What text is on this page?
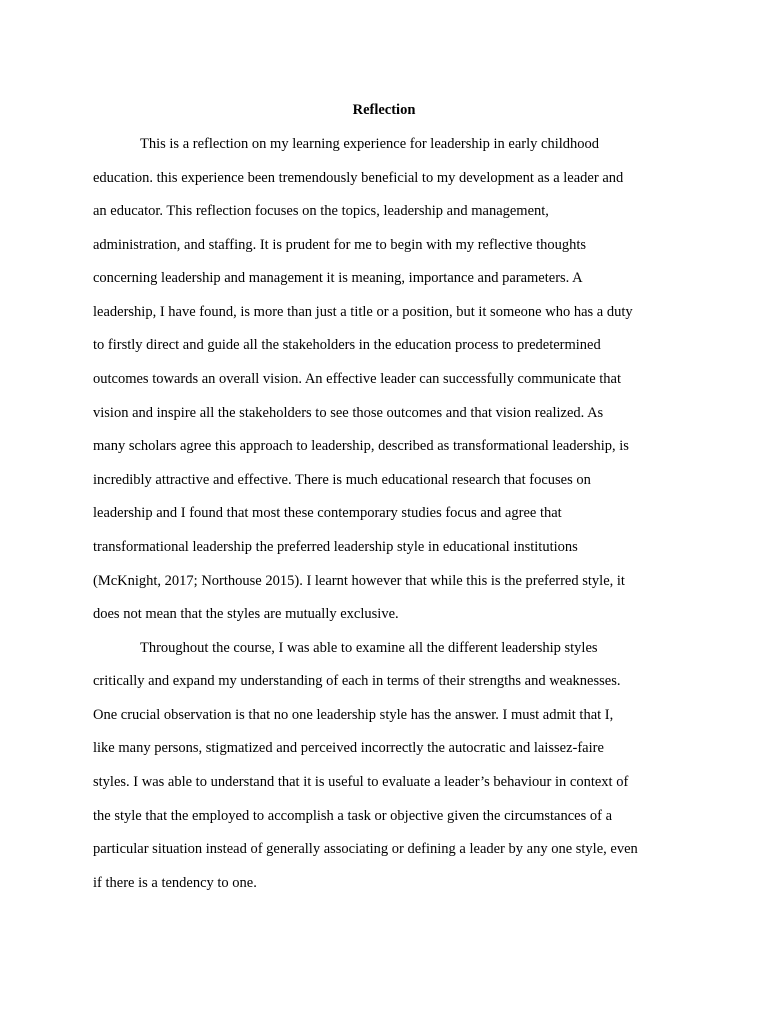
Reflection
This is a reflection on my learning experience for leadership in early childhood
education. this experience been tremendously beneficial to my development as a leader and
an educator. This reflection focuses on the topics, leadership and management,
administration, and staffing. It is prudent for me to begin with my reflective thoughts
concerning leadership and management it is meaning, importance and parameters. A
leadership, I have found, is more than just a title or a position, but it someone who has a duty
to firstly direct and guide all the stakeholders in the education process to predetermined
outcomes towards an overall vision. An effective leader can successfully communicate that
vision and inspire all the stakeholders to see those outcomes and that vision realized. As
many scholars agree this approach to leadership, described as transformational leadership, is
incredibly attractive and effective. There is much educational research that focuses on
leadership and I found that most these contemporary studies focus and agree that
transformational leadership the preferred leadership style in educational institutions
(McKnight, 2017; Northouse 2015). I learnt however that while this is the preferred style, it
does not mean that the styles are mutually exclusive.
Throughout the course, I was able to examine all the different leadership styles
critically and expand my understanding of each in terms of their strengths and weaknesses.
One crucial observation is that no one leadership style has the answer. I must admit that I,
like many persons, stigmatized and perceived incorrectly the autocratic and laissez-faire
styles. I was able to understand that it is useful to evaluate a leader’s behaviour in context of
the style that the employed to accomplish a task or objective given the circumstances of a
particular situation instead of generally associating or defining a leader by any one style, even
if there is a tendency to one.
